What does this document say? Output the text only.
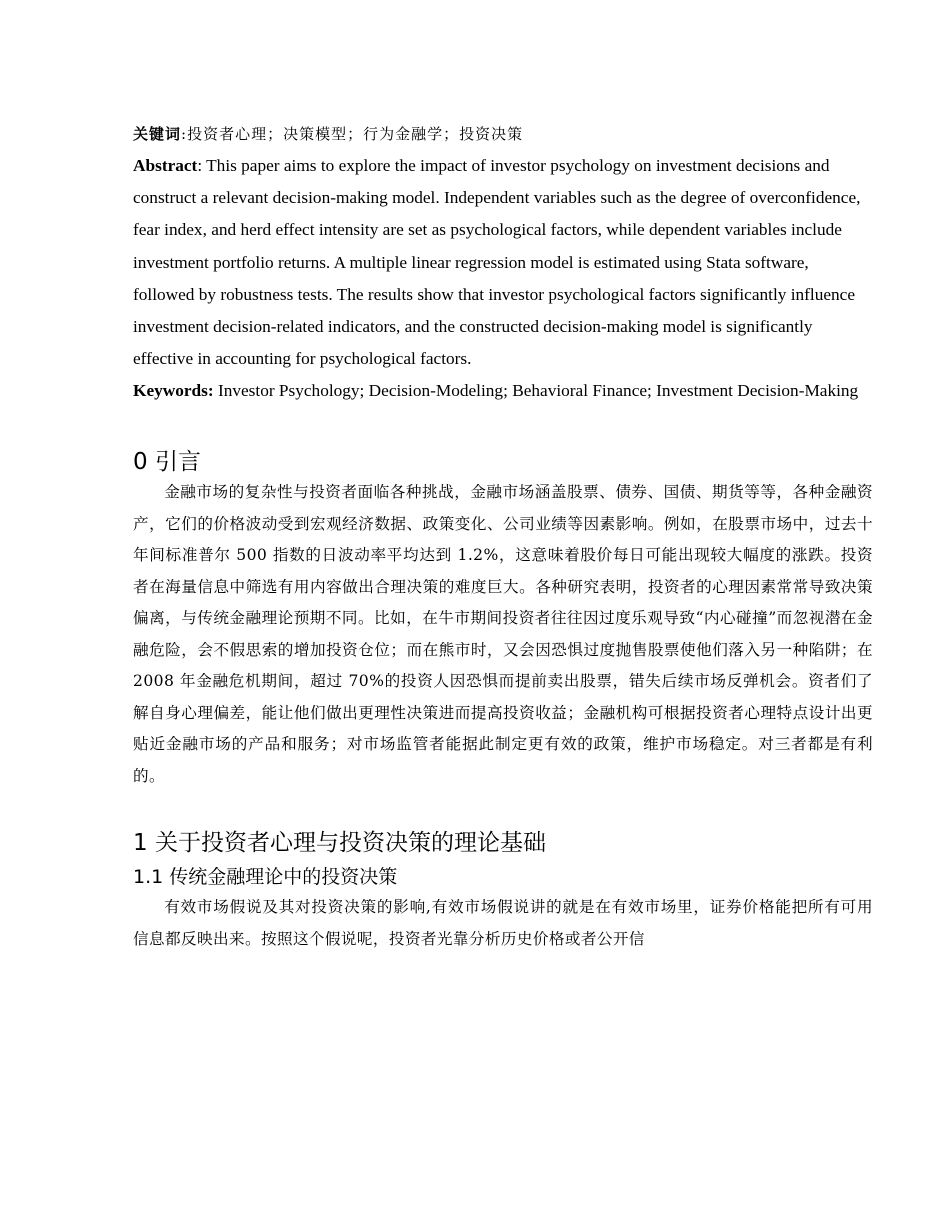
关键词:投资者心理；决策模型；行为金融学；投资决策

Abstract: This paper aims to explore the impact of investor psychology on investment decisions and construct a relevant decision-making model. Independent variables such as the degree of overconfidence, fear index, and herd effect intensity are set as psychological factors, while dependent variables include investment portfolio returns. A multiple linear regression model is estimated using Stata software, followed by robustness tests. The results show that investor psychological factors significantly influence investment decision-related indicators, and the constructed decision-making model is significantly effective in accounting for psychological factors.

Keywords: Investor Psychology; Decision-Modeling; Behavioral Finance; Investment Decision-Making

0 引言

金融市场的复杂性与投资者面临各种挑战，金融市场涵盖股票、债券、国债、期货等等，各种金融资产，它们的价格波动受到宏观经济数据、政策变化、公司业绩等因素影响。例如，在股票市场中，过去十年间标准普尔 500 指数的日波动率平均达到 1.2%，这意味着股价每日可能出现较大幅度的涨跌。投资者在海量信息中筛选有用内容做出合理决策的难度巨大。各种研究表明，投资者的心理因素常常导致决策偏离，与传统金融理论预期不同。比如，在牛市期间投资者往往因过度乐观导致“内心碰撞”而忽视潜在金融危险，会不假思索的增加投资仓位；而在熊市时，又会因恐惧过度抛售股票使他们落入另一种陷阱；在 2008 年金融危机期间，超过 70%的投资人因恐惧而提前卖出股票，错失后续市场反弹机会。资者们了解自身心理偏差，能让他们做出更理性决策进而提高投资收益；金融机构可根据投资者心理特点设计出更贴近金融市场的产品和服务；对市场监管者能据此制定更有效的政策，维护市场稳定。对三者都是有利的。

1 关于投资者心理与投资决策的理论基础
1.1 传统金融理论中的投资决策

有效市场假说及其对投资决策的影响,有效市场假说讲的就是在有效市场里，证券价格能把所有可用信息都反映出来。按照这个假说呢，投资者光靠分析历史价格或者公开信
